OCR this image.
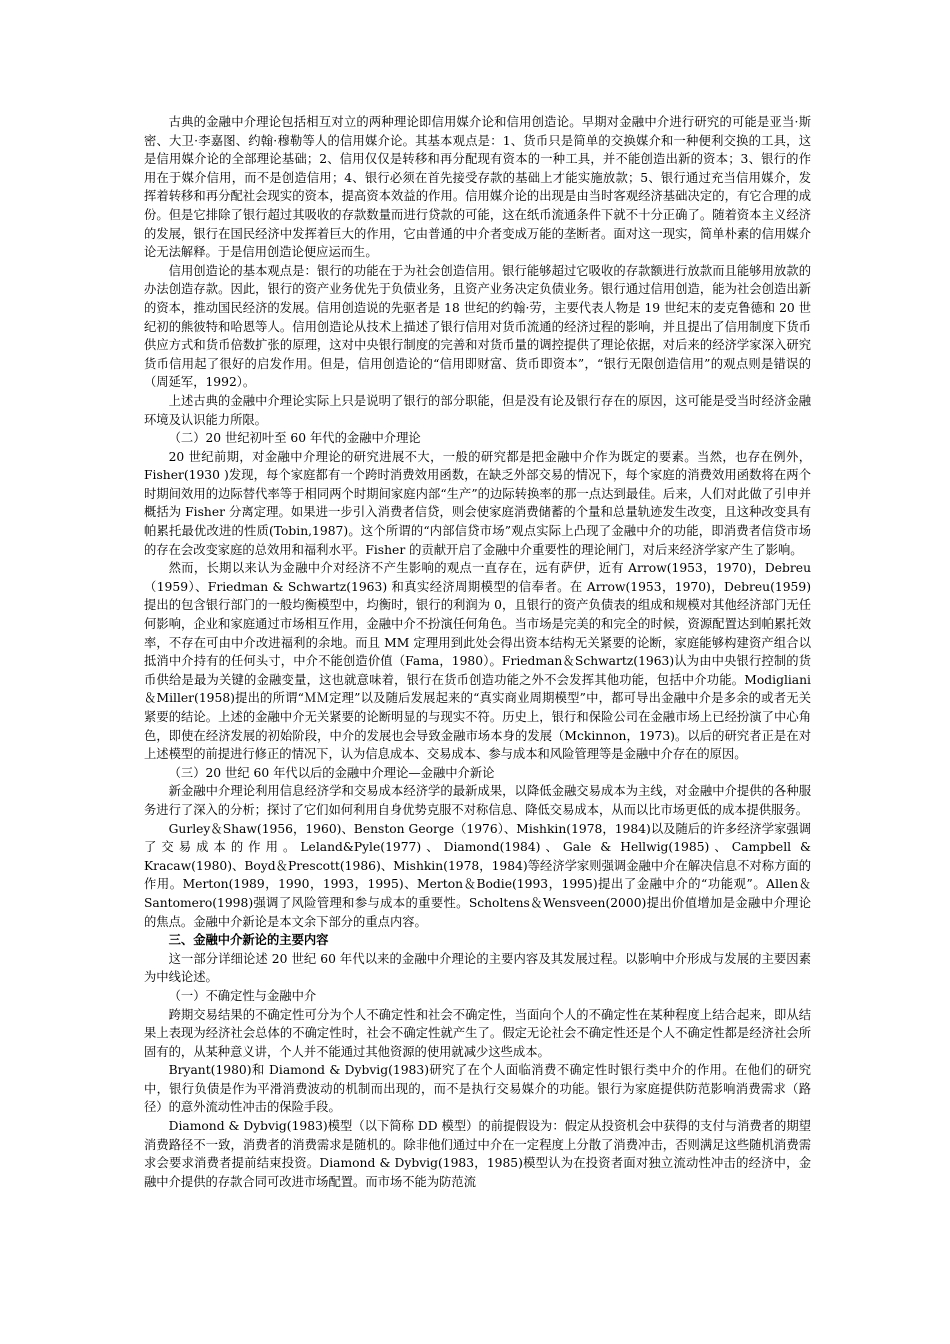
古典的金融中介理论包括相互对立的两种理论即信用媒介论和信用创造论。早期对金融中介进行研究的可能是亚当·斯密、大卫·李嘉图、约翰·穆勒等人的信用媒介论。其基本观点是：1、货币只是简单的交换媒介和一种便利交换的工具，这是信用媒介论的全部理论基础；2、信用仅仅是转移和再分配现有资本的一种工具，并不能创造出新的资本；3、银行的作用在于媒介信用，而不是创造信用；4、银行必须在首先接受存款的基础上才能实施放款；5、银行通过充当信用媒介，发挥着转移和再分配社会现实的资本，提高资本效益的作用。信用媒介论的出现是由当时客观经济基础决定的，有它合理的成份。但是它排除了银行超过其吸收的存款数量而进行贷款的可能，这在纸币流通条件下就不十分正确了。随着资本主义经济的发展，银行在国民经济中发挥着巨大的作用，它由普通的中介者变成万能的垄断者。面对这一现实，简单朴素的信用媒介论无法解释。于是信用创造论便应运而生。

信用创造论的基本观点是：银行的功能在于为社会创造信用。银行能够超过它吸收的存款额进行放款而且能够用放款的办法创造存款。因此，银行的资产业务优先于负债业务，且资产业务决定负债业务。银行通过信用创造，能为社会创造出新的资本，推动国民经济的发展。信用创造说的先驱者是 18 世纪的约翰·劳，主要代表人物是 19 世纪末的麦克鲁德和 20 世纪初的熊彼特和哈恩等人。信用创造论从技术上描述了银行信用对货币流通的经济过程的影响，并且提出了信用制度下货币供应方式和货币倍数扩张的原理，这对中央银行制度的完善和对货币量的调控提供了理论依据，对后来的经济学家深入研究货币信用起了很好的启发作用。但是，信用创造论的“信用即财富、货币即资本”，“银行无限创造信用”的观点则是错误的（周延军，1992）。

上述古典的金融中介理论实际上只是说明了银行的部分职能，但是没有论及银行存在的原因，这可能是受当时经济金融环境及认识能力所限。

（二）20 世纪初叶至 60 年代的金融中介理论

20 世纪前期，对金融中介理论的研究进展不大，一般的研究都是把金融中介作为既定的要素。当然，也存在例外，Fisher(1930 )发现，每个家庭都有一个跨时消费效用函数，在缺乏外部交易的情况下，每个家庭的消费效用函数将在两个时期间效用的边际替代率等于相同两个时期间家庭内部“生产”的边际转换率的那一点达到最佳。后来，人们对此做了引申并概括为 Fisher 分离定理。如果进一步引入消费者信贷，则会使家庭消费储蓄的个量和总量轨迹发生改变，且这种改变具有帕累托最优改进的性质(Tobin,1987)。这个所谓的“内部信贷市场”观点实际上凸现了金融中介的功能，即消费者信贷市场的存在会改变家庭的总效用和福利水平。Fisher 的贡献开启了金融中介重要性的理论闸门，对后来经济学家产生了影响。

然而，长期以来认为金融中介对经济不产生影响的观点一直存在，远有萨伊，近有 Arrow(1953，1970)，Debreu（1959）、Friedman & Schwartz(1963) 和真实经济周期模型的信奉者。在 Arrow(1953，1970)，Debreu(1959)提出的包含银行部门的一般均衡模型中，均衡时，银行的利润为 0，且银行的资产负债表的组成和规模对其他经济部门无任何影响，企业和家庭通过市场相互作用，金融中介不扮演任何角色。当市场是完美的和完全的时候，资源配置达到帕累托效率，不存在可由中介改进福利的余地。而且 MM 定理用到此处会得出资本结构无关紧要的论断，家庭能够构建资产组合以抵消中介持有的任何头寸，中介不能创造价值（Fama，1980）。Friedman＆Schwartz(1963)认为由中央银行控制的货币供给是最为关键的金融变量，这也就意味着，银行在货币创造功能之外不会发挥其他功能，包括中介功能。Modigliani＆Miller(1958)提出的所谓“ＭＭ定理”以及随后发展起来的“真实商业周期模型”中，都可导出金融中介是多余的或者无关紧要的结论。上述的金融中介无关紧要的论断明显的与现实不符。历史上，银行和保险公司在金融市场上已经扮演了中心角色，即使在经济发展的初始阶段，中介的发展也会导致金融市场本身的发展（Mckinnon，1973)。以后的研究者正是在对上述模型的前提进行修正的情况下，认为信息成本、交易成本、参与成本和风险管理等是金融中介存在的原因。

（三）20 世纪 60 年代以后的金融中介理论—金融中介新论

新金融中介理论利用信息经济学和交易成本经济学的最新成果，以降低金融交易成本为主线，对金融中介提供的各种服务进行了深入的分析；探讨了它们如何利用自身优势克服不对称信息、降低交易成本，从而以比市场更低的成本提供服务。

Gurley＆Shaw(1956，1960)、Benston George（1976）、Mishkin(1978，1984)以及随后的许多经济学家强调了交易成本的作用。Leland&Pyle(1977)、Diamond(1984)、Gale & Hellwig(1985)、Campbell & Kracaw(1980)、Boyd＆Prescott(1986)、Mishkin(1978，1984)等经济学家则强调金融中介在解决信息不对称方面的作用。Merton(1989，1990，1993，1995)、Merton＆Bodie(1993，1995)提出了金融中介的“功能观”。Allen＆Santomero(1998)强调了风险管理和参与成本的重要性。Scholtens＆Wensveen(2000)提出价值增加是金融中介理论的焦点。金融中介新论是本文余下部分的重点内容。

三、金融中介新论的主要内容

这一部分详细论述 20 世纪 60 年代以来的金融中介理论的主要内容及其发展过程。以影响中介形成与发展的主要因素为中线论述。

（一）不确定性与金融中介

跨期交易结果的不确定性可分为个人不确定性和社会不确定性，当面向个人的不确定性在某种程度上结合起来，即从结果上表现为经济社会总体的不确定性时，社会不确定性就产生了。假定无论社会不确定性还是个人不确定性都是经济社会所固有的，从某种意义讲，个人并不能通过其他资源的使用就减少这些成本。

Bryant(1980)和 Diamond & Dybvig(1983)研究了在个人面临消费不确定性时银行类中介的作用。在他们的研究中，银行负债是作为平滑消费波动的机制而出现的，而不是执行交易媒介的功能。银行为家庭提供防范影响消费需求（路径）的意外流动性冲击的保险手段。

Diamond & Dybvig(1983)模型（以下简称 DD 模型）的前提假设为：假定从投资机会中获得的支付与消费者的期望消费路径不一致，消费者的消费需求是随机的。除非他们通过中介在一定程度上分散了消费冲击，否则满足这些随机消费需求会要求消费者提前结束投资。Diamond & Dybvig(1983，1985)模型认为在投资者面对独立流动性冲击的经济中，金融中介提供的存款合同可改进市场配置。而市场不能为防范流
